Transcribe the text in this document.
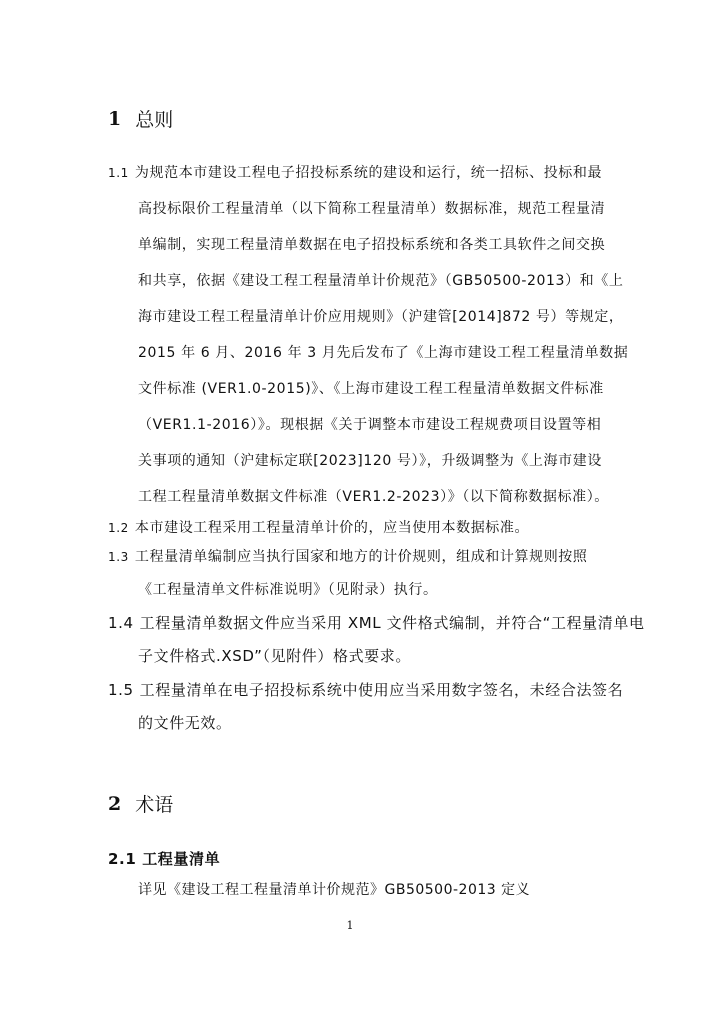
1 总则
1.1 为规范本市建设工程电子招投标系统的建设和运行，统一招标、投标和最
高投标限价工程量清单（以下简称工程量清单）数据标准，规范工程量清
单编制，实现工程量清单数据在电子招投标系统和各类工具软件之间交换
和共享，依据《建设工程工程量清单计价规范》（GB50500-2013）和《上
海市建设工程工程量清单计价应用规则》（沪建管[2014]872 号）等规定，
2015 年 6 月、2016 年 3 月先后发布了《上海市建设工程工程量清单数据
文件标准 (VER1.0-2015)》、《上海市建设工程工程量清单数据文件标准
（VER1.1-2016）》。现根据《关于调整本市建设工程规费项目设置等相
关事项的通知（沪建标定联[2023]120 号）》，升级调整为《上海市建设
工程工程量清单数据文件标准（VER1.2-2023）》（以下简称数据标准）。
1.2 本市建设工程采用工程量清单计价的，应当使用本数据标准。
1.3 工程量清单编制应当执行国家和地方的计价规则，组成和计算规则按照
《工程量清单文件标准说明》（见附录）执行。
1.4 工程量清单数据文件应当采用 XML 文件格式编制，并符合“工程量清单电
子文件格式.XSD”（见附件）格式要求。
1.5 工程量清单在电子招投标系统中使用应当采用数字签名，未经合法签名
的文件无效。
2 术语
2.1 工程量清单
详见《建设工程工程量清单计价规范》GB50500-2013 定义
1
